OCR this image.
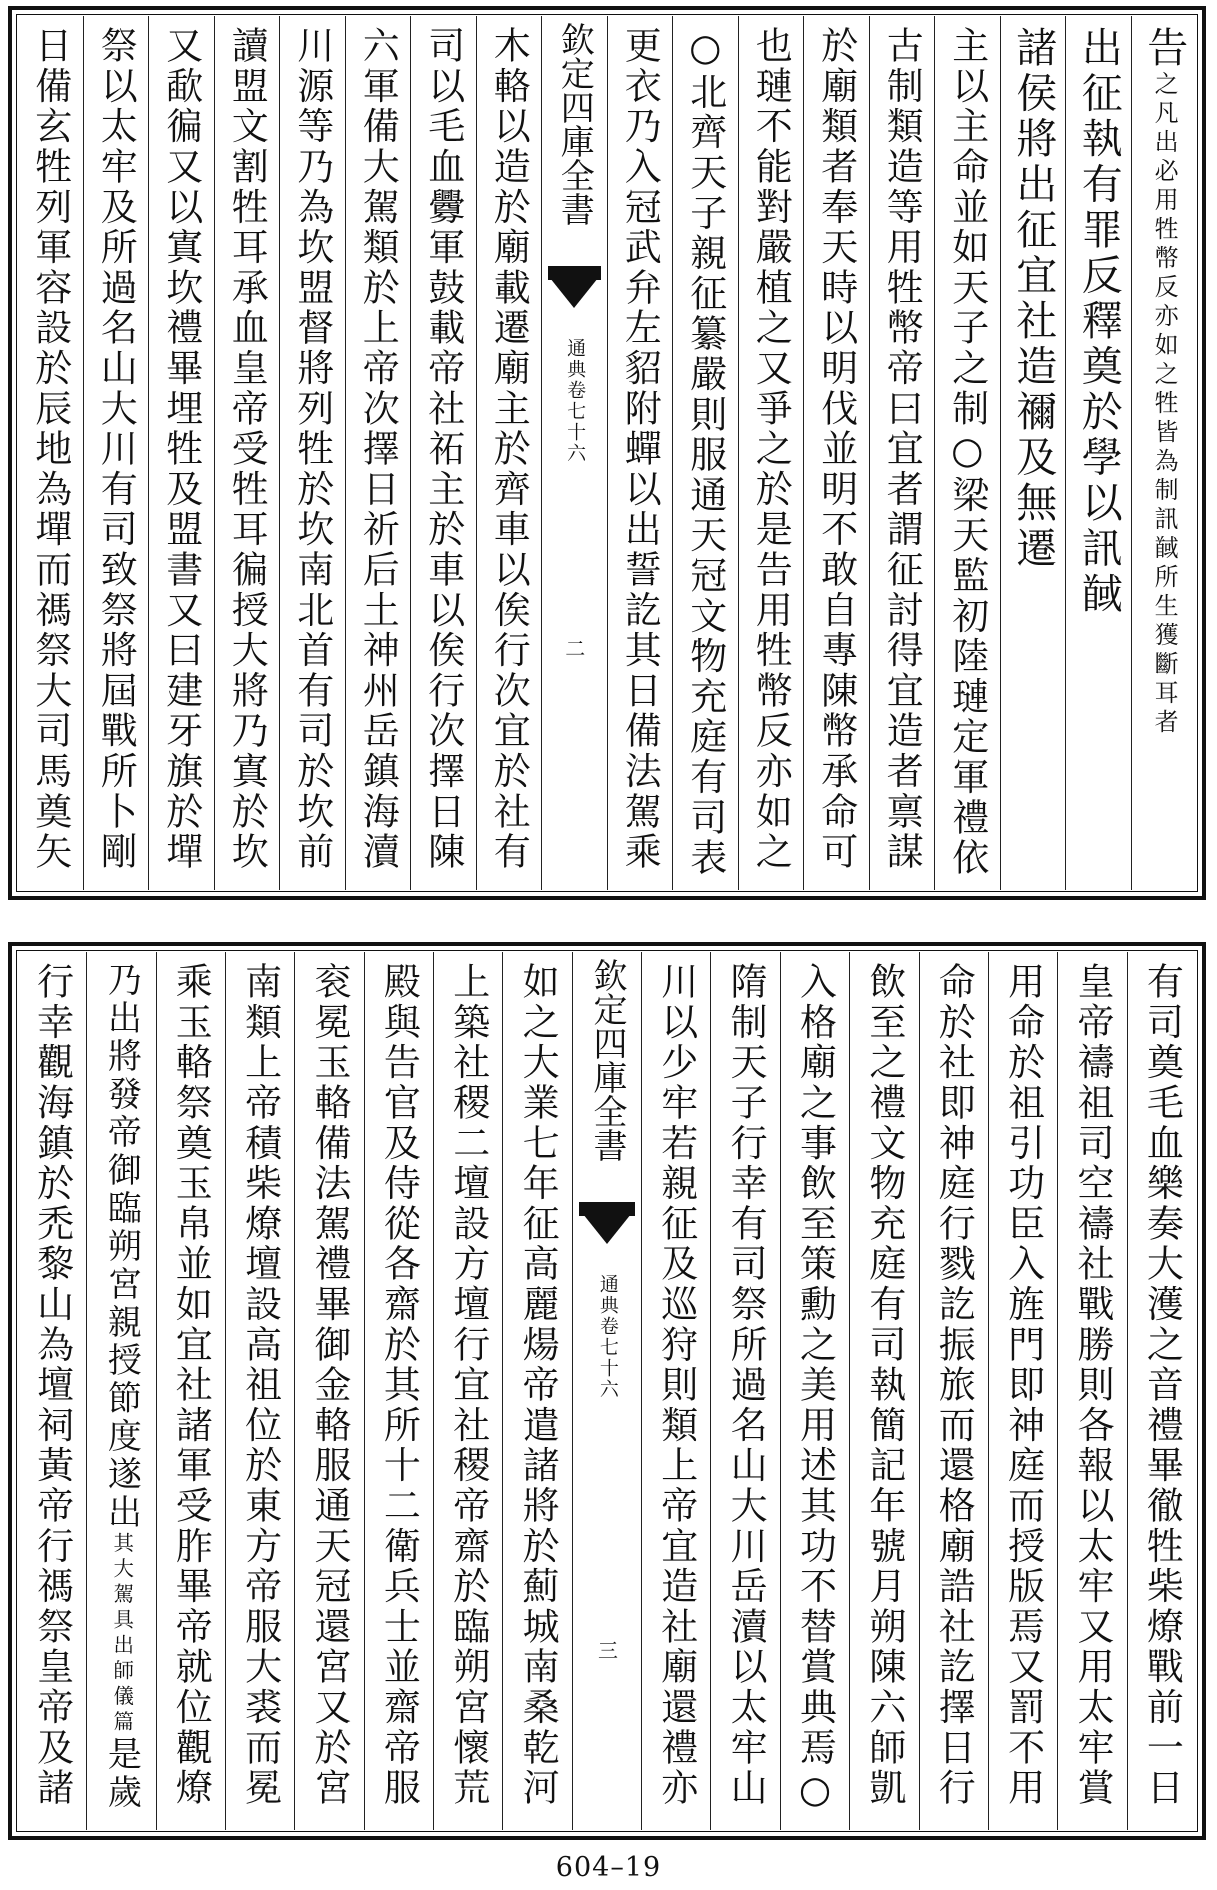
告
之凡出必用牲幣反亦如之牲皆為制訊馘所生獲斷耳者
出征執有罪反釋奠於學以訊馘
諸侯將出征宜社造禰及無遷
主以主命並如天子之制○梁天監初陸璉定軍禮依
古制類造等用牲幣帝曰宜者謂征討得宜造者禀謀
於廟類者奉天時以明伐並明不敢自專陳幣承命可
也璉不能對嚴植之又爭之於是告用牲幣反亦如之
○北齊天子親征纂嚴則服通天冠文物充庭有司表
更衣乃入冠武弁左貂附蟬以出誓訖其日備法駕乘
欽定四庫全書
通典卷七十六
二
木輅以造於廟載遷廟主於齊車以俟行次宜於社有
司以毛血釁軍鼓載帝社祏主於車以俟行次擇日陳
六軍備大駕類於上帝次擇日祈后土神州岳鎮海瀆
川源等乃為坎盟督將列牲於坎南北首有司於坎前
讀盟文割牲耳承血皇帝受牲耳徧授大將乃寘於坎
又歃徧又以寘坎禮畢埋牲及盟書又曰建牙旗於墠
祭以太牢及所過名山大川有司致祭將屆戰所卜剛
日備玄牲列軍容設於辰地為墠而禡祭大司馬奠矢
有司奠毛血樂奏大濩之音禮畢徹牲柴燎戰前一日
皇帝禱祖司空禱社戰勝則各報以太牢又用太牢賞
用命於祖引功臣入旌門即神庭而授版焉又罰不用
命於社即神庭行戮訖振旅而還格廟誥社訖擇日行
飲至之禮文物充庭有司執簡記年號月朔陳六師凱
入格廟之事飲至策勳之美用述其功不替賞典焉○
隋制天子行幸有司祭所過名山大川岳瀆以太牢山
川以少牢若親征及巡狩則類上帝宜造社廟還禮亦
欽定四庫全書
通典卷七十六
三
如之大業七年征高麗煬帝遣諸將於薊城南桑乾河
上築社稷二壇設方壇行宜社稷帝齋於臨朔宮懷荒
殿與告官及侍從各齋於其所十二衛兵士並齋帝服
衮冕玉輅備法駕禮畢御金輅服通天冠還宮又於宮
南類上帝積柴燎壇設高祖位於東方帝服大裘而冕
乘玉輅祭奠玉帛並如宜社諸軍受胙畢帝就位觀燎
乃出將發帝御臨朔宮親授節度遂出
其大駕具出師儀篇
是歲
行幸觀海鎮於禿黎山為壇祠黃帝行禡祭皇帝及諸
604–19
